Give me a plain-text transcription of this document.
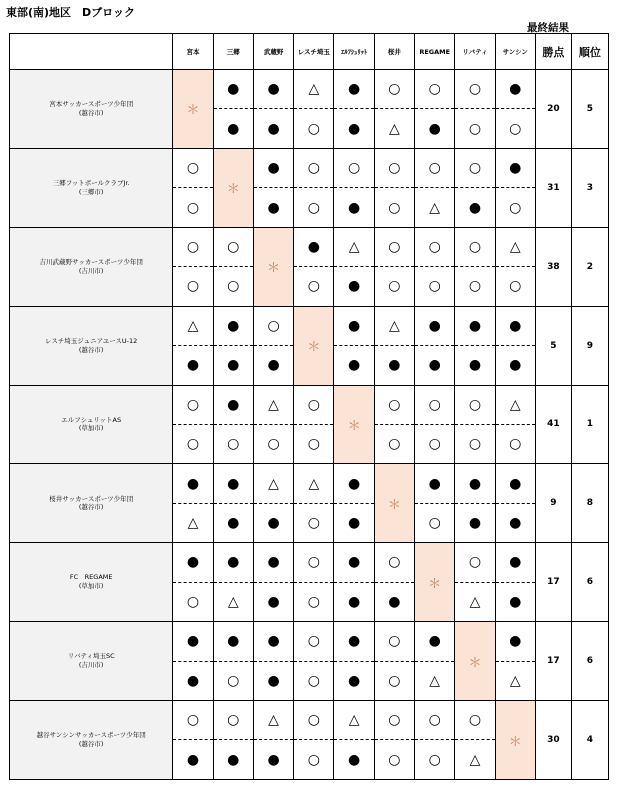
東部(南)地区　Dブロック
最終結果
	宮本	三郷	武蔵野	レスチ埼玉	ｴﾙﾌｼｭﾘｯﾄ	桜井	REGAME	リバティ	サンシン	勝点	順位

宮本サッカースポーツ少年団
(越谷市)	＊	●	●	△	●	○	○	○	●	20	5
		●	●	○	●	△	●	○	○		

三郷フットボールクラブJr.
(三郷市)	○	＊	●	○	○	○	○	○	●	31	3
	○		●	○	●	○	△	●	○		

吉川武蔵野サッカースポーツ少年団
(吉川市)	○	○	＊	●	△	○	○	○	△	38	2
	○	○		○	●	○	○	○	○		

レスチ埼玉ジュニアユースU-12
(越谷市)	△	●	○	＊	●	△	●	●	●	5	9
	●	●	●		●	●	●	●	●		

エルフシュリットAS
(草加市)	○	●	△	○	＊	○	○	○	△	41	1
	○	○	○	○		○	○	○	○		

桜井サッカースポーツ少年団
(越谷市)	●	●	△	△	●	＊	●	●	●	9	8
	△	●	●	○	●		○	●	●		

FC　REGAME
(草加市)	●	●	●	○	●	○	＊	○	●	17	6
	○	△	●	○	●	●		△	●		

リバティ埼玉SC
(吉川市)	●	●	●	○	●	○	●	＊	●	17	6
	●	○	●	○	●	○	△		△		

越谷サンシンサッカースポーツ少年団
(越谷市)	○	○	△	○	△	○	○	○	＊	30	4
	●	●	●	○	●	○	○	△			
